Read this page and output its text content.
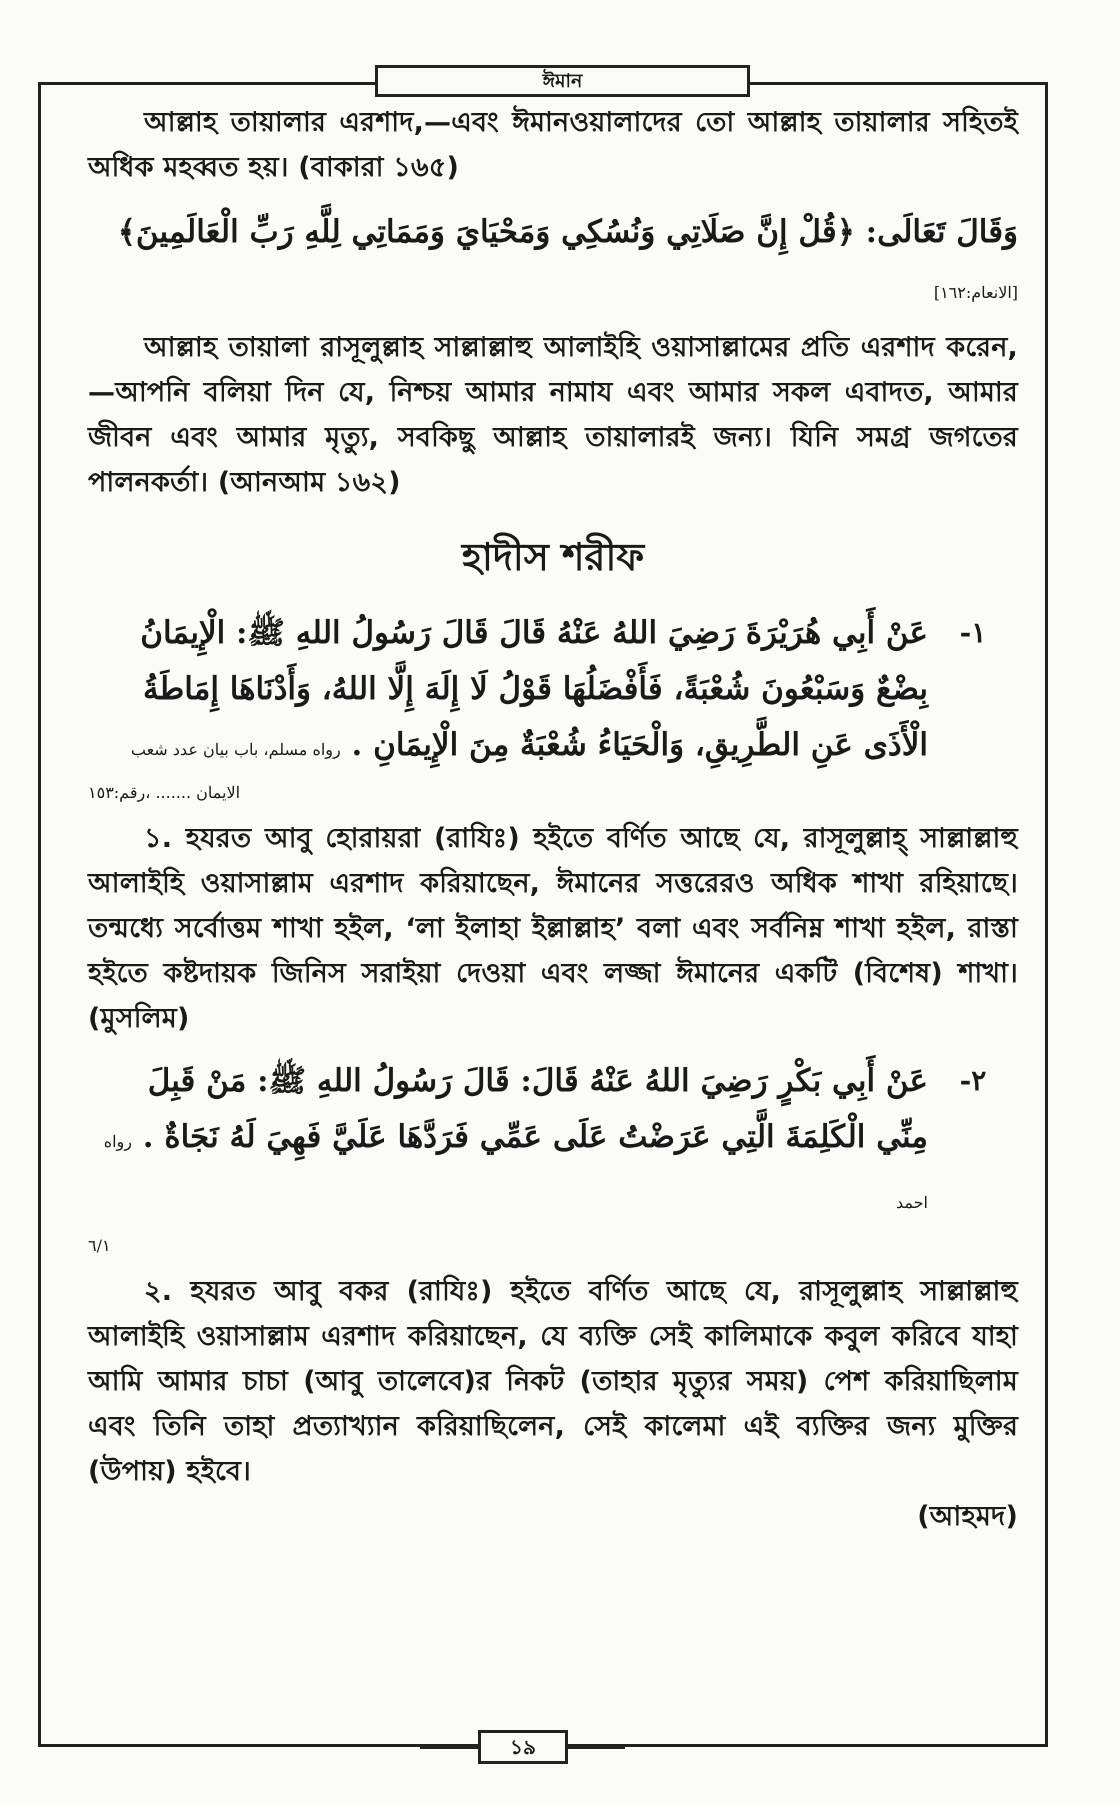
ঈমান

আল্লাহ তায়ালার এরশাদ,—এবং ঈমানওয়ালাদের তো আল্লাহ তায়ালার সহিতই অধিক মহব্বত হয়। (বাকারা ১৬৫)

وَقَالَ تَعَالَى: ﴿قُلْ إِنَّ صَلَاتِي وَنُسُكِي وَمَحْيَايَ وَمَمَاتِي لِلَّهِ رَبِّ الْعَالَمِينَ﴾ [الانعام:١٦٢]

আল্লাহ তায়ালা রাসূলুল্লাহ সাল্লাল্লাহু আলাইহি ওয়াসাল্লামের প্রতি এরশাদ করেন,—আপনি বলিয়া দিন যে, নিশ্চয় আমার নামায এবং আমার সকল এবাদত, আমার জীবন এবং আমার মৃত্যু, সবকিছু আল্লাহ তায়ালারই জন্য। যিনি সমগ্র জগতের পালনকর্তা। (আনআম ১৬২)

হাদীস শরীফ

-١

عَنْ أَبِي هُرَيْرَةَ رَضِيَ اللهُ عَنْهُ قَالَ قَالَ رَسُولُ اللهِ ﷺ: الْإِيمَانُ بِضْعٌ وَسَبْعُونَ شُعْبَةً، فَأَفْضَلُهَا قَوْلُ لَا إِلَهَ إِلَّا اللهُ، وَأَدْنَاهَا إِمَاطَةُ الْأَذَى عَنِ الطَّرِيقِ، وَالْحَيَاءُ شُعْبَةٌ مِنَ الْإِيمَانِ . رواه مسلم، باب بيان عدد شعب

الايمان ....... ،رقم:١٥٣

১. হযরত আবু হোরায়রা (রাযিঃ) হইতে বর্ণিত আছে যে, রাসূলুল্লাহ্ সাল্লাল্লাহু আলাইহি ওয়াসাল্লাম এরশাদ করিয়াছেন, ঈমানের সত্তরেরও অধিক শাখা রহিয়াছে। তন্মধ্যে সর্বোত্তম শাখা হইল, ‘লা ইলাহা ইল্লাল্লাহ’ বলা এবং সর্বনিম্ন শাখা হইল, রাস্তা হইতে কষ্টদায়ক জিনিস সরাইয়া দেওয়া এবং লজ্জা ঈমানের একটি (বিশেষ) শাখা। (মুসলিম)

-٢

عَنْ أَبِي بَكْرٍ رَضِيَ اللهُ عَنْهُ قَالَ: قَالَ رَسُولُ اللهِ ﷺ: مَنْ قَبِلَ مِنِّي الْكَلِمَةَ الَّتِي عَرَضْتُ عَلَى عَمِّي فَرَدَّهَا عَلَيَّ فَهِيَ لَهُ نَجَاةٌ . رواه احمد

٦/١

২. হযরত আবু বকর (রাযিঃ) হইতে বর্ণিত আছে যে, রাসূলুল্লাহ সাল্লাল্লাহু আলাইহি ওয়াসাল্লাম এরশাদ করিয়াছেন, যে ব্যক্তি সেই কালিমাকে কবুল করিবে যাহা আমি আমার চাচা (আবু তালেবে)র নিকট (তাহার মৃত্যুর সময়) পেশ করিয়াছিলাম এবং তিনি তাহা প্রত্যাখ্যান করিয়াছিলেন, সেই কালেমা এই ব্যক্তির জন্য মুক্তির (উপায়) হইবে।

(আহমদ)

১৯
